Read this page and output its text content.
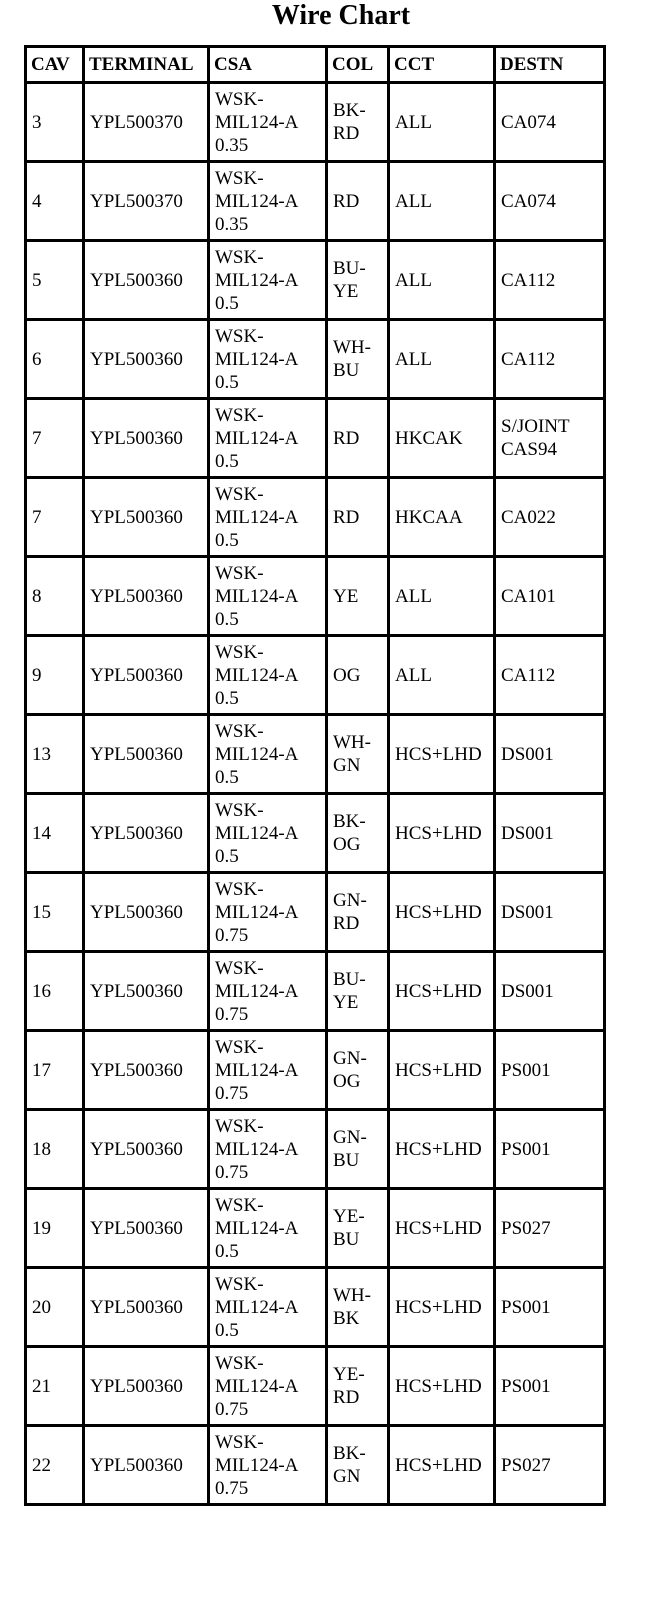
Wire Chart
CAV	TERMINAL	CSA	COL	CCT	DESTN
3	YPL500370	WSK-
MIL124-A
0.35	BK-
RD	ALL	CA074

4	YPL500370	WSK-
MIL124-A
0.35	RD	ALL	CA074

5	YPL500360	WSK-
MIL124-A
0.5	BU-
YE	ALL	CA112

6	YPL500360	WSK-
MIL124-A
0.5	WH-
BU	ALL	CA112

7	YPL500360	WSK-
MIL124-A
0.5	RD	HKCAK	S/JOINT
CAS94

7	YPL500360	WSK-
MIL124-A
0.5	RD	HKCAA	CA022

8	YPL500360	WSK-
MIL124-A
0.5	YE	ALL	CA101

9	YPL500360	WSK-
MIL124-A
0.5	OG	ALL	CA112

13	YPL500360	WSK-
MIL124-A
0.5	WH-
GN	HCS+LHD	DS001

14	YPL500360	WSK-
MIL124-A
0.5	BK-
OG	HCS+LHD	DS001

15	YPL500360	WSK-
MIL124-A
0.75	GN-
RD	HCS+LHD	DS001

16	YPL500360	WSK-
MIL124-A
0.75	BU-
YE	HCS+LHD	DS001

17	YPL500360	WSK-
MIL124-A
0.75	GN-
OG	HCS+LHD	PS001

18	YPL500360	WSK-
MIL124-A
0.75	GN-
BU	HCS+LHD	PS001

19	YPL500360	WSK-
MIL124-A
0.5	YE-
BU	HCS+LHD	PS027

20	YPL500360	WSK-
MIL124-A
0.5	WH-
BK	HCS+LHD	PS001

21	YPL500360	WSK-
MIL124-A
0.75	YE-
RD	HCS+LHD	PS001

22	YPL500360	WSK-
MIL124-A
0.75	BK-
GN	HCS+LHD	PS027
